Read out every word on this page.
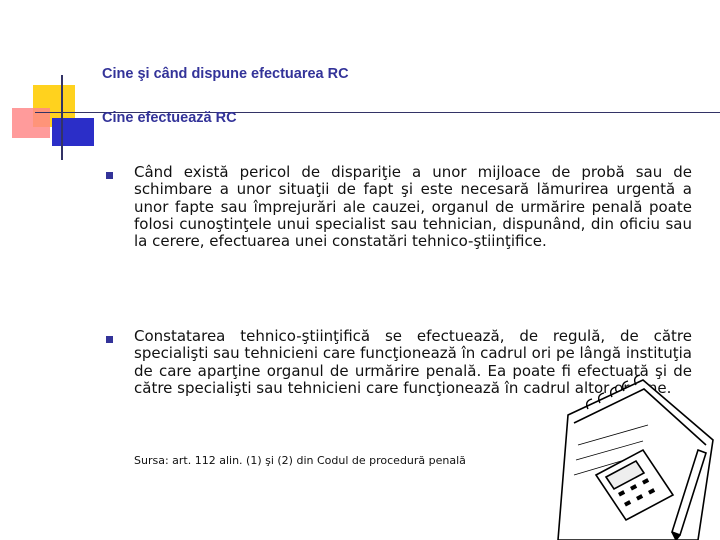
Cine şi când dispune efectuarea RC
Cine efectuează RC
Când există pericol de dispariţie a unor mijloace de probă sau de schimbare a unor situaţii de fapt şi este necesară lămurirea urgentă a unor fapte sau împrejurări ale cauzei, organul de urmărire penală poate folosi cunoştinţele unui specialist sau tehnician, dispunând, din oficiu sau la cerere, efectuarea unei constatări tehnico-ştiinţifice.
Constatarea tehnico-ştiinţifică se efectuează, de regulă, de către specialişti sau tehnicieni care funcţionează în cadrul ori pe lângă instituţia de care aparţine organul de urmărire penală. Ea poate fi efectuată şi de către specialişti sau tehnicieni care funcţionează în cadrul altor organe.
Sursa: art. 112 alin. (1) şi (2) din Codul de procedură penală
